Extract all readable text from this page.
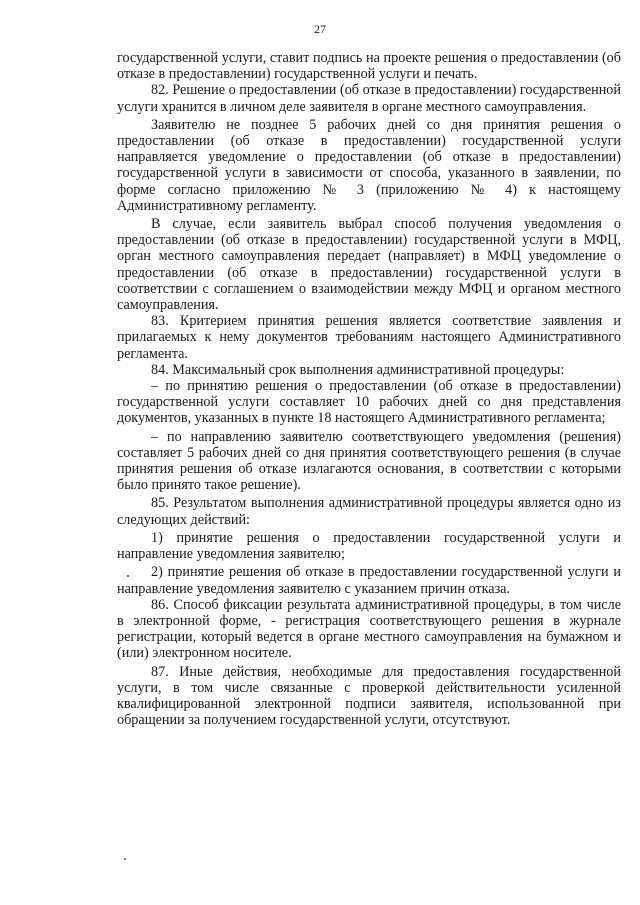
27

государственной услуги, ставит подпись на проекте решения о предоставлении (об отказе в предоставлении) государственной услуги и печать.

82. Решение о предоставлении (об отказе в предоставлении) государственной услуги хранится в личном деле заявителя в органе местного самоуправления.

Заявителю не позднее 5 рабочих дней со дня принятия решения о предоставлении (об отказе в предоставлении) государственной услуги направляется уведомление о предоставлении (об отказе в предоставлении) государственной услуги в зависимости от способа, указанного в заявлении, по форме согласно приложению № 3 (приложению № 4) к настоящему Административному регламенту.

В случае, если заявитель выбрал способ получения уведомления о предоставлении (об отказе в предоставлении) государственной услуги в МФЦ, орган местного самоуправления передает (направляет) в МФЦ уведомление о предоставлении (об отказе в предоставлении) государственной услуги в соответствии с соглашением о взаимодействии между МФЦ и органом местного самоуправления.

83. Критерием принятия решения является соответствие заявления и прилагаемых к нему документов требованиям настоящего Административного регламента.

84. Максимальный срок выполнения административной процедуры:

– по принятию решения о предоставлении (об отказе в предоставлении) государственной услуги составляет 10 рабочих дней со дня представления документов, указанных в пункте 18 настоящего Административного регламента;

– по направлению заявителю соответствующего уведомления (решения) составляет 5 рабочих дней со дня принятия соответствующего решения (в случае принятия решения об отказе излагаются основания, в соответствии с которыми было принято такое решение).

85. Результатом выполнения административной процедуры является одно из следующих действий:

1) принятие решения о предоставлении государственной услуги и направление уведомления заявителю;

2) принятие решения об отказе в предоставлении государственной услуги и направление уведомления заявителю с указанием причин отказа.

86. Способ фиксации результата административной процедуры, в том числе в электронной форме, - регистрация соответствующего решения в журнале регистрации, который ведется в органе местного самоуправления на бумажном и (или) электронном носителе.

87. Иные действия, необходимые для предоставления государственной услуги, в том числе связанные с проверкой действительности усиленной квалифицированной электронной подписи заявителя, использованной при обращении за получением государственной услуги, отсутствуют.
